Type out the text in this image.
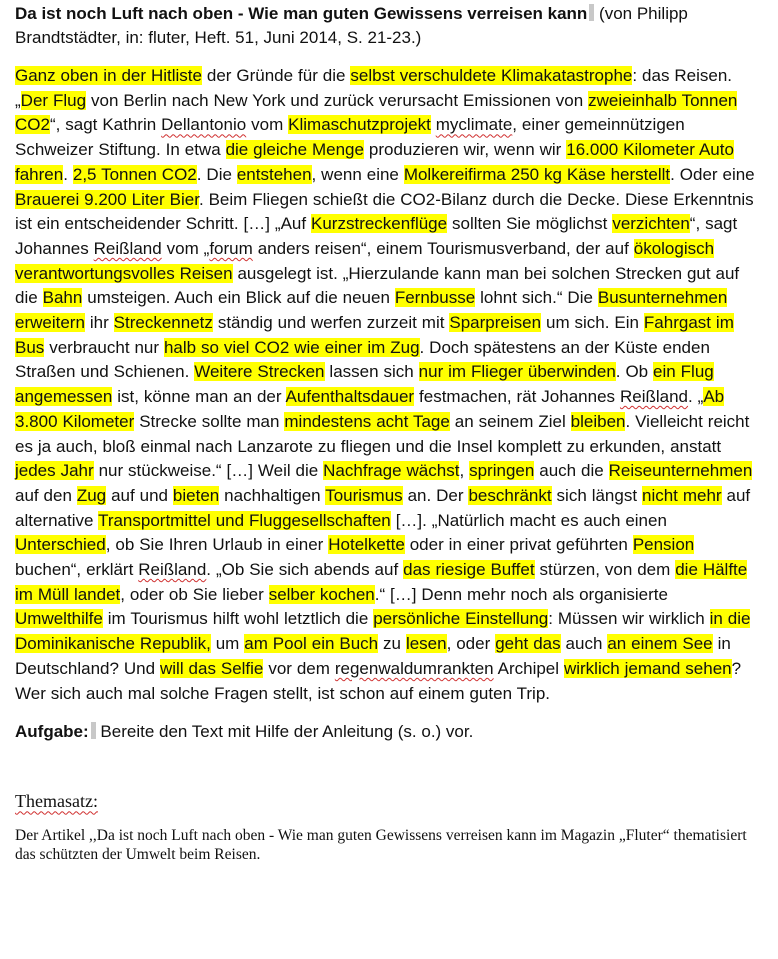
Da ist noch Luft nach oben - Wie man guten Gewissens verreisen kann (von Philipp Brandtstädter, in: fluter, Heft. 51, Juni 2014, S. 21-23.)
Ganz oben in der Hitliste der Gründe für die selbst verschuldete Klimakatastrophe: das Reisen. „Der Flug von Berlin nach New York und zurück verursacht Emissionen von zweieinhalb Tonnen CO2“, sagt Kathrin Dellantonio vom Klimaschutzprojekt myclimate, einer gemeinnützigen Schweizer Stiftung. In etwa die gleiche Menge produzieren wir, wenn wir 16.000 Kilometer Auto fahren. 2,5 Tonnen CO2. Die entstehen, wenn eine Molkereifirma 250 kg Käse herstellt. Oder eine Brauerei 9.200 Liter Bier. Beim Fliegen schießt die CO2-Bilanz durch die Decke. Diese Erkenntnis ist ein entscheidender Schritt. […] „Auf Kurzstreckenflüge sollten Sie möglichst verzichten“, sagt Johannes Reißland vom „forum anders reisen“, einem Tourismusverband, der auf ökologisch verantwortungsvolles Reisen ausgelegt ist. „Hierzulande kann man bei solchen Strecken gut auf die Bahn umsteigen. Auch ein Blick auf die neuen Fernbusse lohnt sich.“ Die Busunternehmen erweitern ihr Streckennetz ständig und werfen zurzeit mit Sparpreisen um sich. Ein Fahrgast im Bus verbraucht nur halb so viel CO2 wie einer im Zug. Doch spätestens an der Küste enden Straßen und Schienen. Weitere Strecken lassen sich nur im Flieger überwinden. Ob ein Flug angemessen ist, könne man an der Aufenthaltsdauer festmachen, rät Johannes Reißland. „Ab 3.800 Kilometer Strecke sollte man mindestens acht Tage an seinem Ziel bleiben. Vielleicht reicht es ja auch, bloß einmal nach Lanzarote zu fliegen und die Insel komplett zu erkunden, anstatt jedes Jahr nur stückweise.“ […] Weil die Nachfrage wächst, springen auch die Reiseunternehmen auf den Zug auf und bieten nachhaltigen Tourismus an. Der beschränkt sich längst nicht mehr auf alternative Transportmittel und Fluggesellschaften […]. „Natürlich macht es auch einen Unterschied, ob Sie Ihren Urlaub in einer Hotelkette oder in einer privat geführten Pension buchen“, erklärt Reißland. „Ob Sie sich abends auf das riesige Buffet stürzen, von dem die Hälfte im Müll landet, oder ob Sie lieber selber kochen.“ […] Denn mehr noch als organisierte Umwelthilfe im Tourismus hilft wohl letztlich die persönliche Einstellung: Müssen wir wirklich in die Dominikanische Republik, um am Pool ein Buch zu lesen, oder geht das auch an einem See in Deutschland? Und will das Selfie vor dem regenwaldumrankten Archipel wirklich jemand sehen? Wer sich auch mal solche Fragen stellt, ist schon auf einem guten Trip.
Aufgabe: Bereite den Text mit Hilfe der Anleitung (s. o.) vor.
Themasatz:
Der Artikel ,,Da ist noch Luft nach oben - Wie man guten Gewissens verreisen kann im Magazin „Fluter“ thematisiert das schützten der Umwelt beim Reisen.
